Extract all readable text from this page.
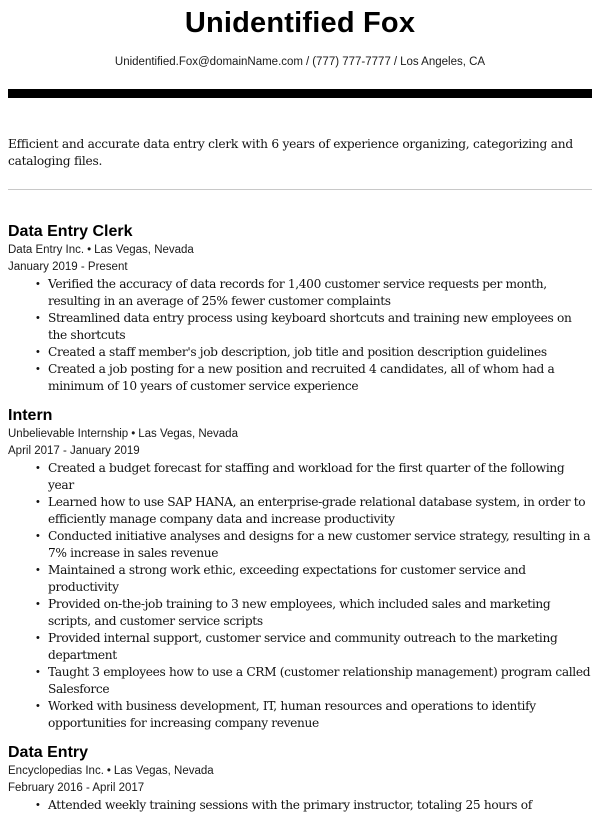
Unidentified Fox
Unidentified.Fox@domainName.com / (777) 777-7777 / Los Angeles, CA

Efficient and accurate data entry clerk with 6 years of experience organizing, categorizing and cataloging files.

Data Entry Clerk
Data Entry Inc. • Las Vegas, Nevada
January 2019 - Present
• Verified the accuracy of data records for 1,400 customer service requests per month, resulting in an average of 25% fewer customer complaints
• Streamlined data entry process using keyboard shortcuts and training new employees on the shortcuts
• Created a staff member's job description, job title and position description guidelines
• Created a job posting for a new position and recruited 4 candidates, all of whom had a minimum of 10 years of customer service experience
Intern
Unbelievable Internship • Las Vegas, Nevada
April 2017 - January 2019
• Created a budget forecast for staffing and workload for the first quarter of the following year
• Learned how to use SAP HANA, an enterprise-grade relational database system, in order to efficiently manage company data and increase productivity
• Conducted initiative analyses and designs for a new customer service strategy, resulting in a 7% increase in sales revenue
• Maintained a strong work ethic, exceeding expectations for customer service and productivity
• Provided on-the-job training to 3 new employees, which included sales and marketing scripts, and customer service scripts
• Provided internal support, customer service and community outreach to the marketing department
• Taught 3 employees how to use a CRM (customer relationship management) program called Salesforce
• Worked with business development, IT, human resources and operations to identify opportunities for increasing company revenue
Data Entry
Encyclopedias Inc. • Las Vegas, Nevada
February 2016 - April 2017
• Attended weekly training sessions with the primary instructor, totaling 25 hours of
